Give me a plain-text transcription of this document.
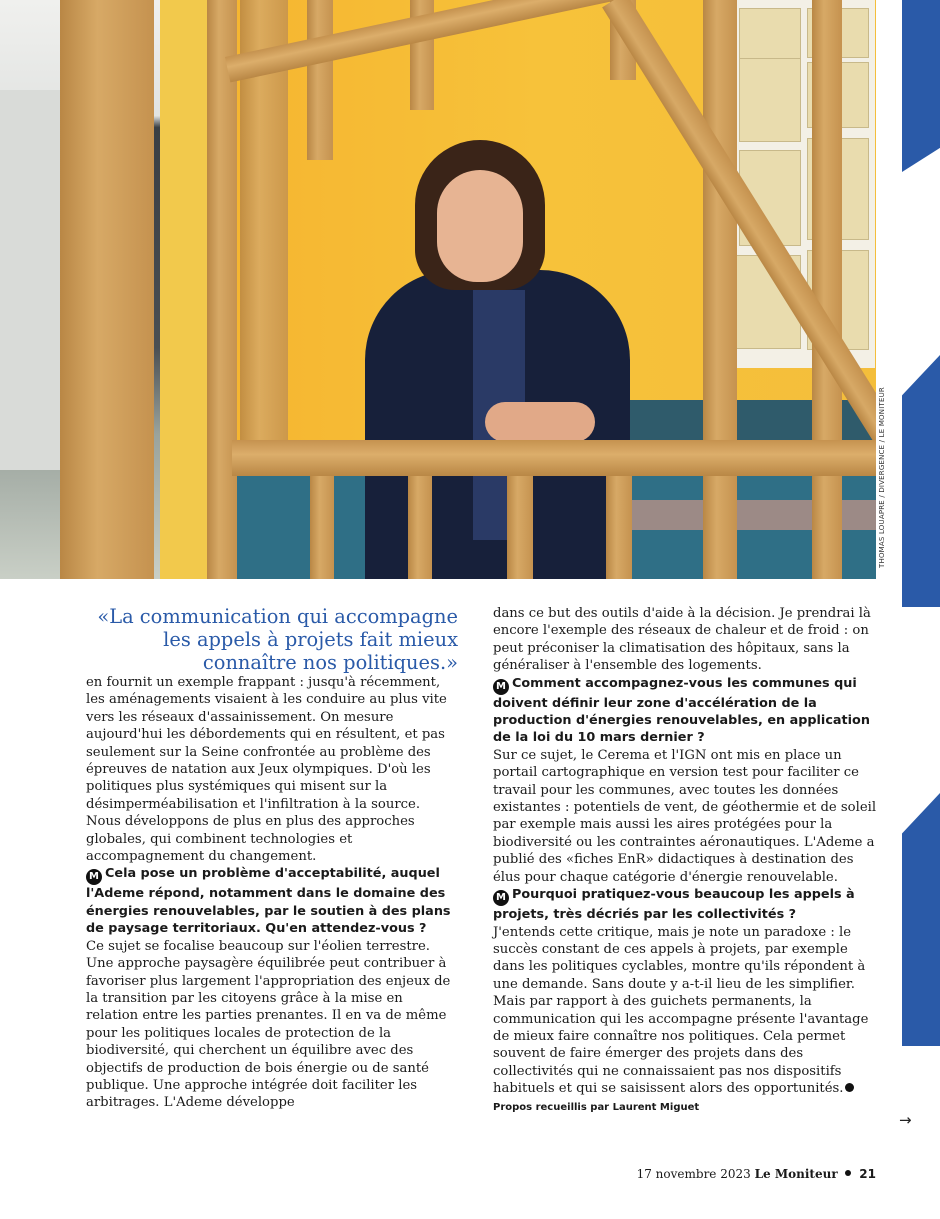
THOMAS LOUAPRE / DIVERGENCE / LE MONITEUR
→

«La communication qui accompagne les appels à projets fait mieux connaître nos politiques.»

en fournit un exemple frappant : jusqu'à récemment, les aménagements visaient à les conduire au plus vite vers les réseaux d'assainissement. On mesure aujourd'hui les débordements qui en résultent, et pas seulement sur la Seine confrontée au problème des épreuves de natation aux Jeux olympiques. D'où les politiques plus systémiques qui misent sur la désimperméabilisation et l'infiltration à la source. Nous développons de plus en plus des approches globales, qui combinent technologies et accompagnement du changement.

M Cela pose un problème d'acceptabilité, auquel l'Ademe répond, notamment dans le domaine des énergies renouvelables, par le soutien à des plans de paysage territoriaux. Qu'en attendez-vous ?

Ce sujet se focalise beaucoup sur l'éolien terrestre. Une approche paysagère équilibrée peut contribuer à favoriser plus largement l'appropriation des enjeux de la transition par les citoyens grâce à la mise en relation entre les parties prenantes. Il en va de même pour les politiques locales de protection de la biodiversité, qui cherchent un équilibre avec des objectifs de production de bois énergie ou de santé publique. Une approche intégrée doit faciliter les arbitrages. L'Ademe développe

dans ce but des outils d'aide à la décision. Je prendrai là encore l'exemple des réseaux de chaleur et de froid : on peut préconiser la climatisation des hôpitaux, sans la généraliser à l'ensemble des logements.

M Comment accompagnez-vous les communes qui doivent définir leur zone d'accélération de la production d'énergies renouvelables, en application de la loi du 10 mars dernier ?

Sur ce sujet, le Cerema et l'IGN ont mis en place un portail cartographique en version test pour faciliter ce travail pour les communes, avec toutes les données existantes : potentiels de vent, de géothermie et de soleil par exemple mais aussi les aires protégées pour la biodiversité ou les contraintes aéronautiques. L'Ademe a publié des «fiches EnR» didactiques à destination des élus pour chaque catégorie d'énergie renouvelable.

M Pourquoi pratiquez-vous beaucoup les appels à projets, très décriés par les collectivités ?

J'entends cette critique, mais je note un paradoxe : le succès constant de ces appels à projets, par exemple dans les politiques cyclables, montre qu'ils répondent à une demande. Sans doute y a-t-il lieu de les simplifier. Mais par rapport à des guichets permanents, la communication qui les accompagne présente l'avantage de mieux faire connaître nos politiques. Cela permet souvent de faire émerger des projets dans des collectivités qui ne connaissaient pas nos dispositifs habituels et qui se saisissent alors des opportunités.Propos recueillis par Laurent Miguet

17 novembre 2023 Le Moniteur 21
